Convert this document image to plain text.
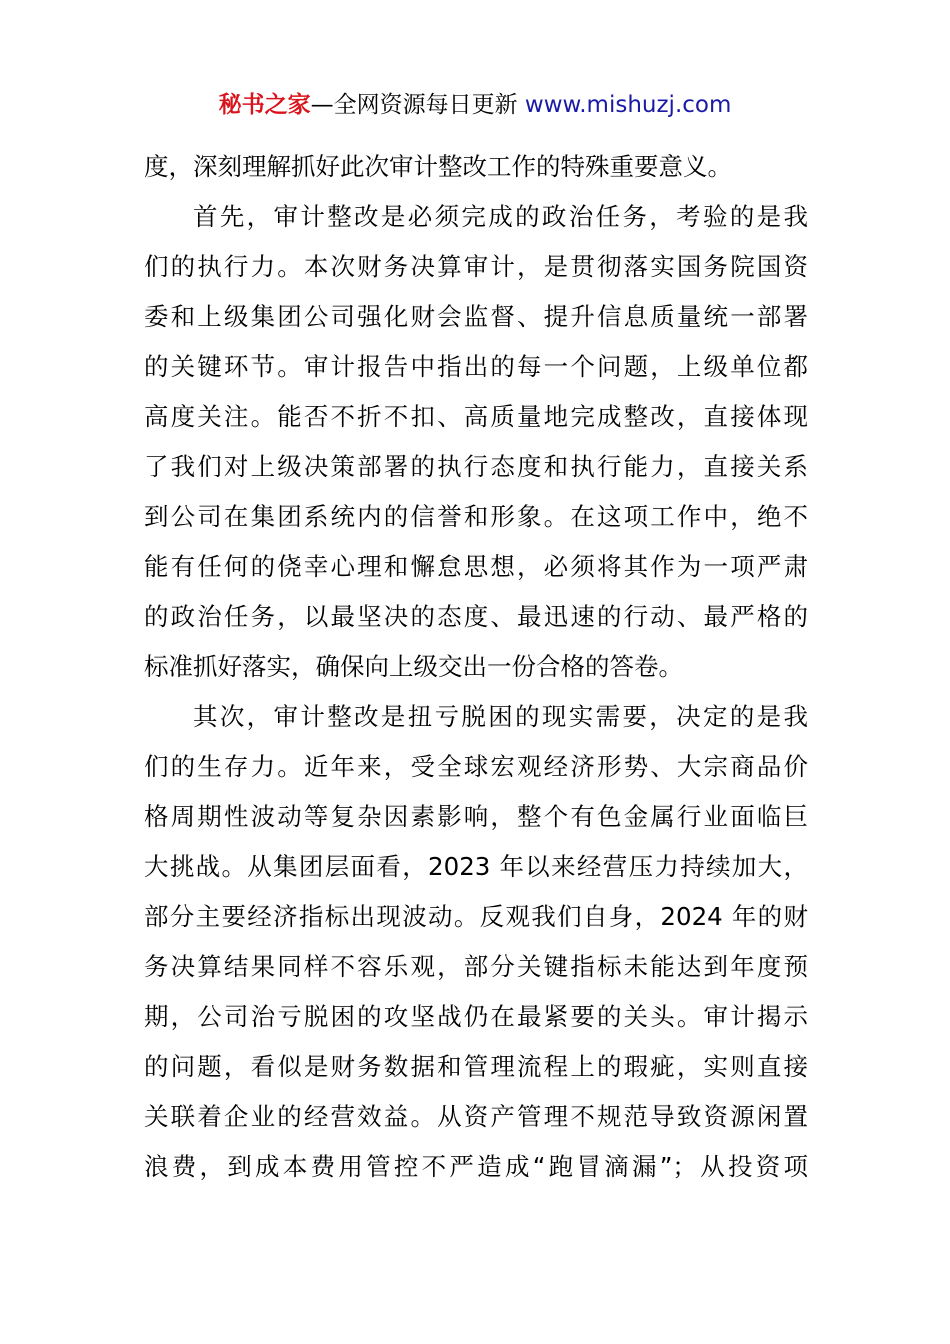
秘书之家—全网资源每日更新 www.mishuzj.com
度，深刻理解抓好此次审计整改工作的特殊重要意义。
首先，审计整改是必须完成的政治任务，考验的是我
们的执行力。本次财务决算审计，是贯彻落实国务院国资
委和上级集团公司强化财会监督、提升信息质量统一部署
的关键环节。审计报告中指出的每一个问题，上级单位都
高度关注。能否不折不扣、高质量地完成整改，直接体现
了我们对上级决策部署的执行态度和执行能力，直接关系
到公司在集团系统内的信誉和形象。在这项工作中，绝不
能有任何的侥幸心理和懈怠思想，必须将其作为一项严肃
的政治任务，以最坚决的态度、最迅速的行动、最严格的
标准抓好落实，确保向上级交出一份合格的答卷。
其次，审计整改是扭亏脱困的现实需要，决定的是我
们的生存力。近年来，受全球宏观经济形势、大宗商品价
格周期性波动等复杂因素影响，整个有色金属行业面临巨
大挑战。从集团层面看，2023 年以来经营压力持续加大，
部分主要经济指标出现波动。反观我们自身，2024 年的财
务决算结果同样不容乐观，部分关键指标未能达到年度预
期，公司治亏脱困的攻坚战仍在最紧要的关头。审计揭示
的问题，看似是财务数据和管理流程上的瑕疵，实则直接
关联着企业的经营效益。从资产管理不规范导致资源闲置
浪费，到成本费用管控不严造成“跑冒滴漏”；从投资项
